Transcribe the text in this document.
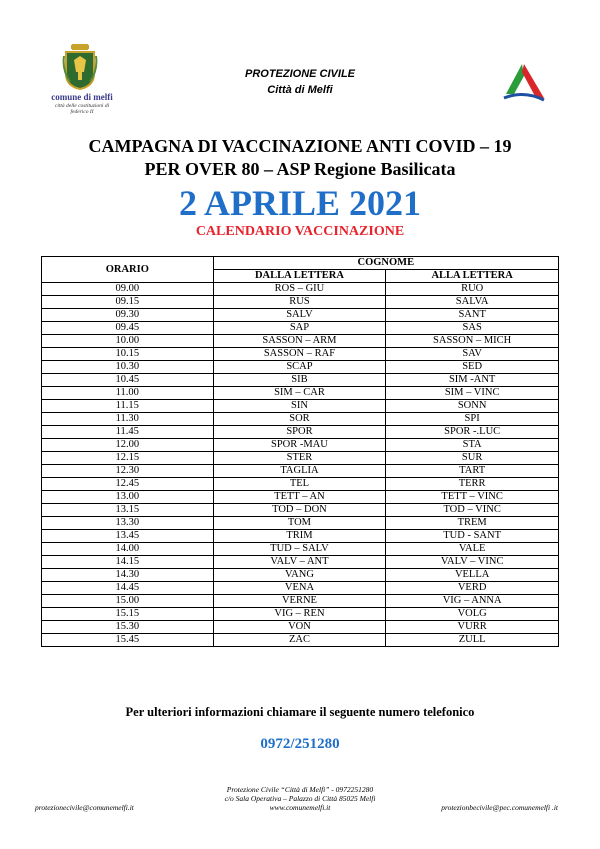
comune di melfi
città delle costituzioni di federico II
PROTEZIONE CIVILE
Città di Melfi
CAMPAGNA DI VACCINAZIONE ANTI COVID – 19
PER OVER 80 – ASP Regione Basilicata
2 APRILE 2021
CALENDARIO VACCINAZIONE
ORARIO	COGNOME	
	DALLA LETTERA	ALLA LETTERA
09.00	ROS – GIU	RUO
09.15	RUS	SALVA
09.30	SALV	SANT
09.45	SAP	SAS
10.00	SASSON – ARM	SASSON – MICH
10.15	SASSON – RAF	SAV
10.30	SCAP	SED
10.45	SIB	SIM -ANT
11.00	SIM – CAR	SIM – VINC
11.15	SIN	SONN
11.30	SOR	SPI
11.45	SPOR	SPOR -.LUC
12.00	SPOR -MAU	STA
12.15	STER	SUR
12.30	TAGLIA	TART
12.45	TEL	TERR
13.00	TETT – AN	TETT – VINC
13.15	TOD – DON	TOD – VINC
13.30	TOM	TREM
13.45	TRIM	TUD - SANT
14.00	TUD – SALV	VALE
14.15	VALV – ANT	VALV – VINC
14.30	VANG	VELLA
14.45	VENA	VERD
15.00	VERNE	VIG – ANNA
15.15	VIG – REN	VOLG
15.30	VON	VURR
15.45	ZAC	ZULL
Per ulteriori informazioni chiamare il seguente numero telefonico
0972/251280
Protezione Civile “Città di Melfi” - 0972251280
c/o Sala Operativa – Palazzo di Città 85025 Melfi
www.comunemelfi.it
protezionecivile@comunemelfi.it	protezionbecivile@pec.comunemelfi .it
